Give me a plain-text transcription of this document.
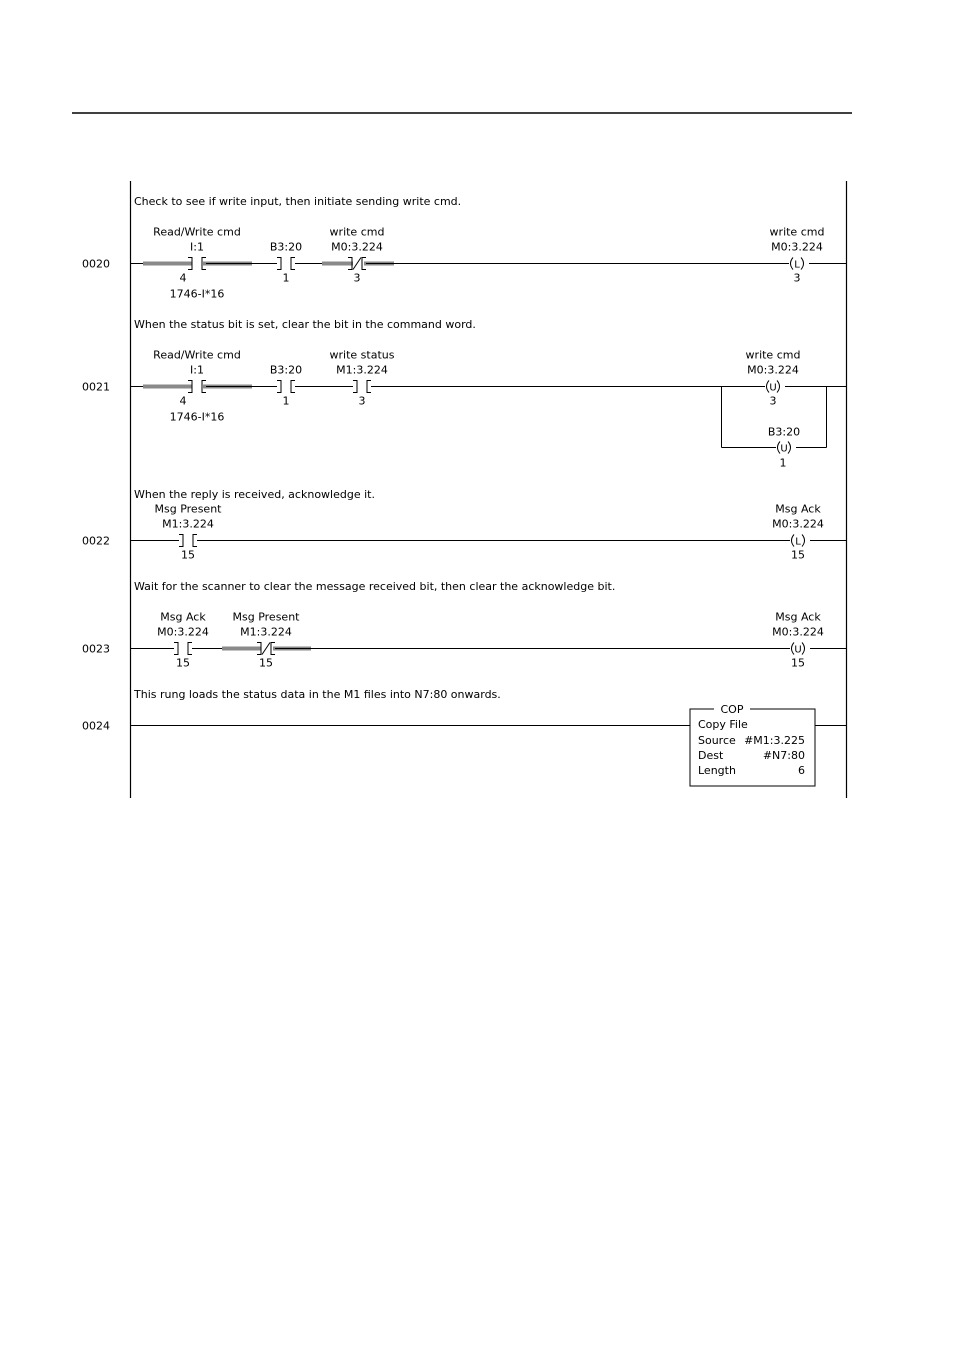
0020
Check to see if write input, then initiate sending write cmd.
Read/Write cmd
I:1
4
1746-I*16
B3:20
1
write cmd
M0:3.224
3
L
write cmd
M0:3.224
3
0021
When the status bit is set, clear the bit in the command word.
Read/Write cmd
I:1
4
1746-I*16
B3:20
1
write status
M1:3.224
3
U
write cmd
M0:3.224
3
U
B3:20
1
0022
When the reply is received, acknowledge it.
Msg Present
M1:3.224
15
L
Msg Ack
M0:3.224
15
0023
Wait for the scanner to clear the message received bit, then clear the acknowledge bit.
Msg Ack
M0:3.224
15
Msg Present
M1:3.224
15
U
Msg Ack
M0:3.224
15
0024
This rung loads the status data in the M1 files into N7:80 onwards.
COP
Copy File
Source #M1:3.225
Dest	#N7:80
Length	6
